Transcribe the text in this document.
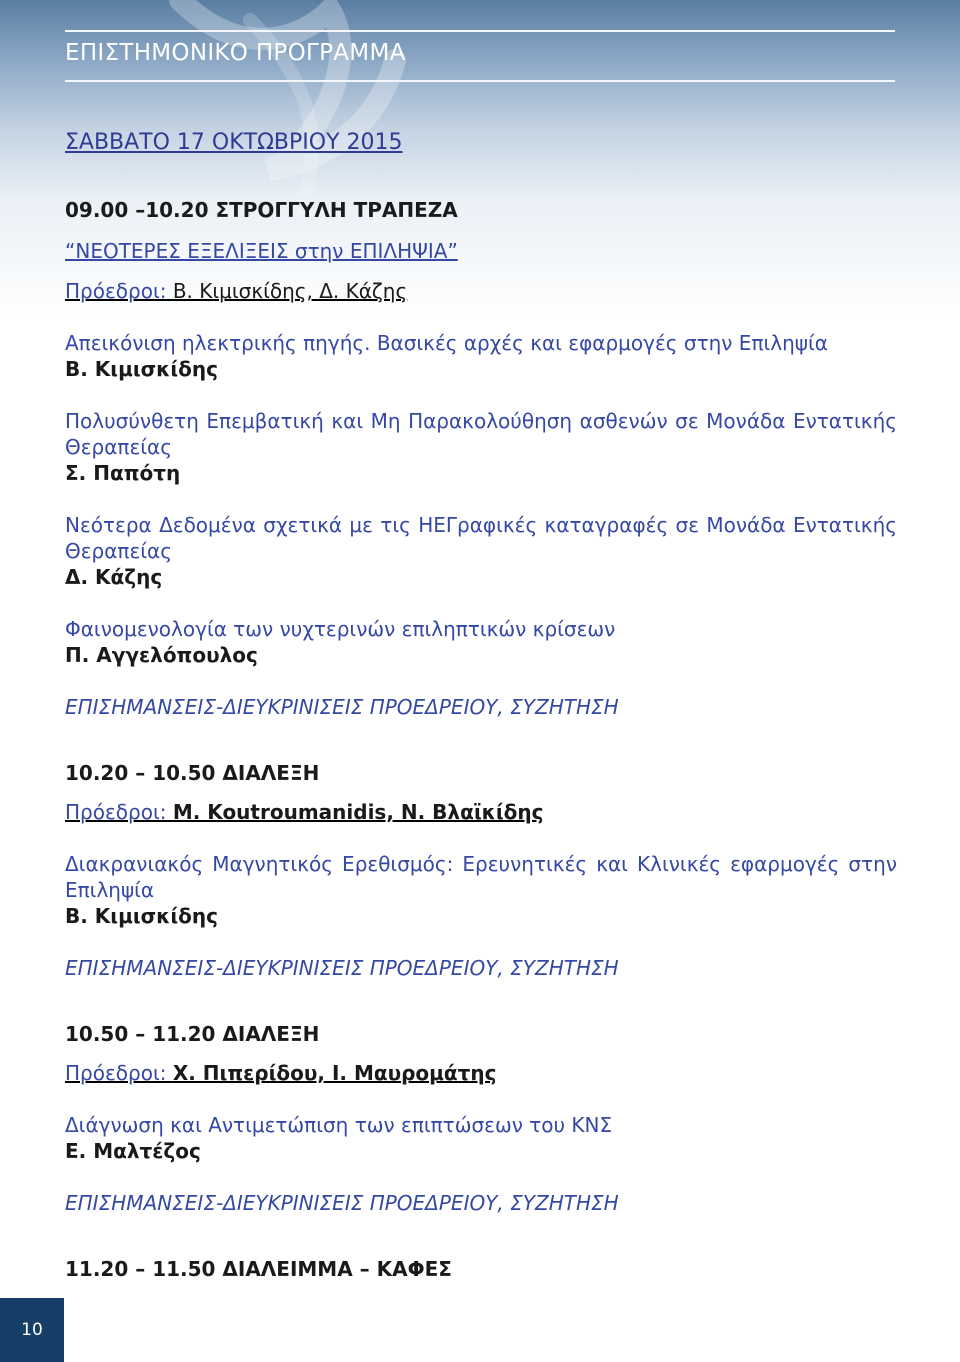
ΕΠΙΣΤΗΜΟΝΙΚΟ ΠΡΟΓΡΑΜΜΑ
ΣΑΒΒΑΤΟ 17 ΟΚΤΩΒΡΙΟΥ 2015
09.00 –10.20 ΣΤΡΟΓΓΥΛΗ ΤΡΑΠΕΖΑ
“ΝΕΟΤΕΡΕΣ ΕΞΕΛΙΞΕΙΣ στην ΕΠΙΛΗΨΙΑ”
Πρόεδροι: Β. Κιμισκίδης, Δ. Κάζης
Απεικόνιση ηλεκτρικής πηγής. Βασικές αρχές και εφαρμογές στην Επιληψία
Β. Κιμισκίδης
Πολυσύνθετη Επεμβατική και Μη Παρακολούθηση ασθενών σε Μονάδα Εντατικής Θεραπείας
Σ. Παπότη
Νεότερα Δεδομένα σχετικά με τις ΗΕΓραφικές καταγραφές σε Μονάδα Εντατικής Θεραπείας
Δ. Κάζης
Φαινομενολογία των νυχτερινών επιληπτικών κρίσεων
Π. Αγγελόπουλος
ΕΠΙΣΗΜΑΝΣΕΙΣ-ΔΙΕΥΚΡΙΝΙΣΕΙΣ ΠΡΟΕΔΡΕΙΟΥ, ΣΥΖΗΤΗΣΗ
10.20 – 10.50 ΔΙΑΛΕΞΗ
Πρόεδροι: M. Koutroumanidis, Ν. Βλαϊκίδης
Διακρανιακός Μαγνητικός Ερεθισμός: Ερευνητικές και Κλινικές εφαρμογές στην Επιληψία
Β. Κιμισκίδης
ΕΠΙΣΗΜΑΝΣΕΙΣ-ΔΙΕΥΚΡΙΝΙΣΕΙΣ ΠΡΟΕΔΡΕΙΟΥ, ΣΥΖΗΤΗΣΗ
10.50 – 11.20 ΔΙΑΛΕΞΗ
Πρόεδροι: Χ. Πιπερίδου, Ι. Μαυρομάτης
Διάγνωση και Αντιμετώπιση των επιπτώσεων του ΚΝΣ
Ε. Μαλτέζος
ΕΠΙΣΗΜΑΝΣΕΙΣ-ΔΙΕΥΚΡΙΝΙΣΕΙΣ ΠΡΟΕΔΡΕΙΟΥ, ΣΥΖΗΤΗΣΗ
11.20 – 11.50 ΔΙΑΛΕΙΜΜΑ – ΚΑΦΕΣ
10
